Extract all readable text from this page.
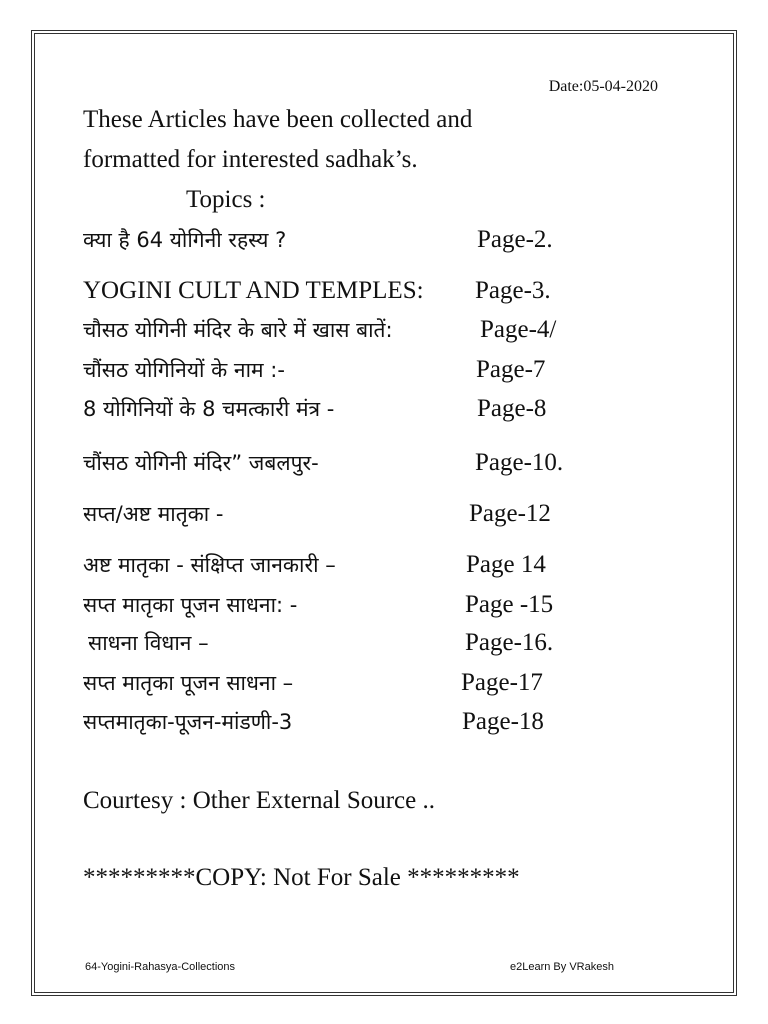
Date:05-04-2020
These Articles have been collected and
formatted for interested sadhak’s.
Topics :
क्या है 64 योगिनी रहस्य ?	Page-2.
YOGINI CULT AND TEMPLES: Page-3.
चौसठ योगिनी मंदिर के बारे में खास बातें:	Page-4/
चौंसठ योगिनियों के नाम :-	Page-7
8 योगिनियों के 8 चमत्कारी मंत्र -	Page-8
चौंसठ योगिनी मंदिर” जबलपुर-	Page-10.
सप्त/अष्ट मातृका -	Page-12
अष्ट मातृका - संक्षिप्त जानकारी –	Page 14
सप्त मातृका पूजन साधना: -	Page -15
साधना विधान –	Page-16.
सप्त मातृका पूजन साधना –	Page-17
सप्तमातृका-पूजन-मांडणी-3	Page-18
Courtesy : Other External Source ..
*********COPY: Not For Sale *********
64-Yogini-Rahasya-Collections	e2Learn By VRakesh
